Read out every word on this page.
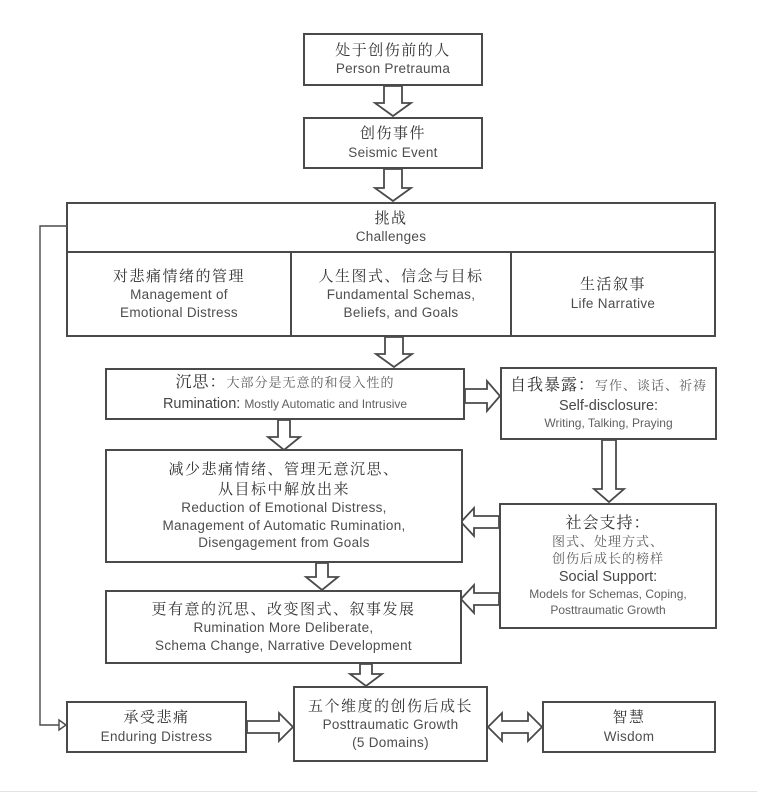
处于创伤前的人
Person Pretrauma
创伤事件
Seismic Event
挑战
Challenges
对悲痛情绪的管理
Management of
Emotional Distress
人生图式、信念与目标
Fundamental Schemas,
Beliefs, and Goals
生活叙事
Life Narrative
沉思：大部分是无意的和侵入性的
Rumination: Mostly Automatic and Intrusive
自我暴露：写作、谈话、祈祷
Self-disclosure:
Writing, Talking, Praying
减少悲痛情绪、管理无意沉思、
从目标中解放出来
Reduction of Emotional Distress,
Management of Automatic Rumination,
Disengagement from Goals
社会支持：
图式、处理方式、
创伤后成长的榜样
Social Support:
Models for Schemas, Coping,
Posttraumatic Growth
更有意的沉思、改变图式、叙事发展
Rumination More Deliberate,
Schema Change, Narrative Development
承受悲痛
Enduring Distress
五个维度的创伤后成长
Posttraumatic Growth
(5 Domains)
智慧
Wisdom
